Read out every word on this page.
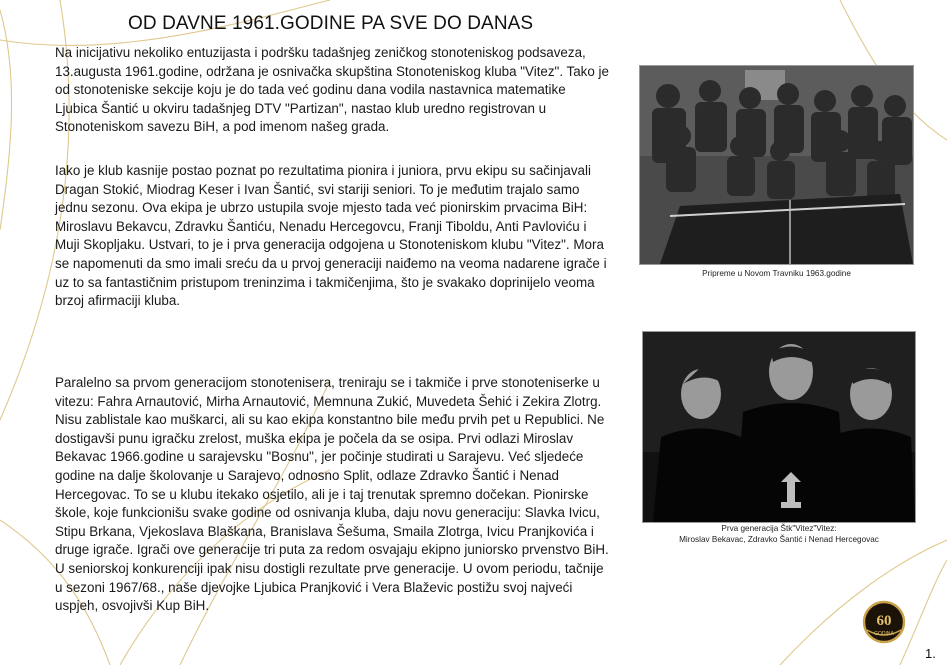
OD DAVNE 1961.GODINE PA SVE DO DANAS

Na inicijativu nekoliko entuzijasta i podršku tadašnjeg zeničkog stonoteniskog podsaveza, 13.augusta 1961.godine, održana je osnivačka skupština Stonoteniskog kluba "Vitez". Tako je od stonoteniske sekcije koju je do tada već godinu dana vodila nastavnica matematike Ljubica Šantić u okviru tadašnjeg DTV "Partizan", nastao klub uredno registrovan u Stonoteniskom savezu BiH, a pod imenom našeg grada.

Iako je klub kasnije postao poznat po rezultatima pionira i juniora, prvu ekipu su sačinjavali Dragan Stokić, Miodrag Keser i Ivan Šantić, svi stariji seniori. To je međutim trajalo samo jednu sezonu. Ova ekipa je ubrzo ustupila svoje mjesto tada već pionirskim prvacima BiH: Miroslavu Bekavcu, Zdravku Šantiću, Nenadu Hercegovcu, Franji Tiboldu, Anti Pavloviću i Muji Skopljaku. Ustvari, to je i prva generacija odgojena u Stonoteniskom klubu "Vitez". Mora se napomenuti da smo imali sreću da u prvoj generaciji naiđemo na veoma nadarene igrače i uz to sa fantastičnim pristupom treninzima i takmičenjima, što je svakako doprinijelo veoma brzoj afirmaciji kluba.

Paralelno sa prvom generacijom stonotenisera, treniraju se i takmiče i prve stonoteniserke u vitezu: Fahra Arnautović, Mirha Arnautović, Memnuna Zukić, Muvedeta Šehić i Zekira Zlotrg. Nisu zablistale kao muškarci, ali su kao ekipa konstantno bile među prvih pet u Republici. Ne dostigavši punu igračku zrelost, muška ekipa je počela da se osipa. Prvi odlazi Miroslav Bekavac 1966.godine u sarajevsku "Bosnu", jer počinje studirati u Sarajevu. Već sljedeće godine na dalje školovanje u Sarajevo, odnosno Split, odlaze Zdravko Šantić i Nenad Hercegovac. To se u klubu itekako osjetilo, ali je i taj trenutak spremno dočekan. Pionirske škole, koje funkcionišu svake godine od osnivanja kluba, daju novu generaciju: Slavka Ivicu, Stipu Brkana, Vjekoslava Blaškana, Branislava Šešuma, Smaila Zlotrga, Ivicu Pranjkovića i druge igrače. Igrači ove generacije tri puta za redom osvajaju ekipno juniorsko prvenstvo BiH. U seniorskoj konkurenciji ipak nisu dostigli rezultate prve generacije. U ovom periodu, tačnije u sezoni 1967/68., naše djevojke Ljubica Pranjković i Vera Blaževic postižu svoj najveći uspjeh, osvojivši Kup BiH.

Pripreme u Novom Travniku 1963.godine
Prva generacija Štk"Vitez"Vitez:
Miroslav Bekavac, Zdravko Šantić i Nenad Hercegovac
60
GODINA
1.
